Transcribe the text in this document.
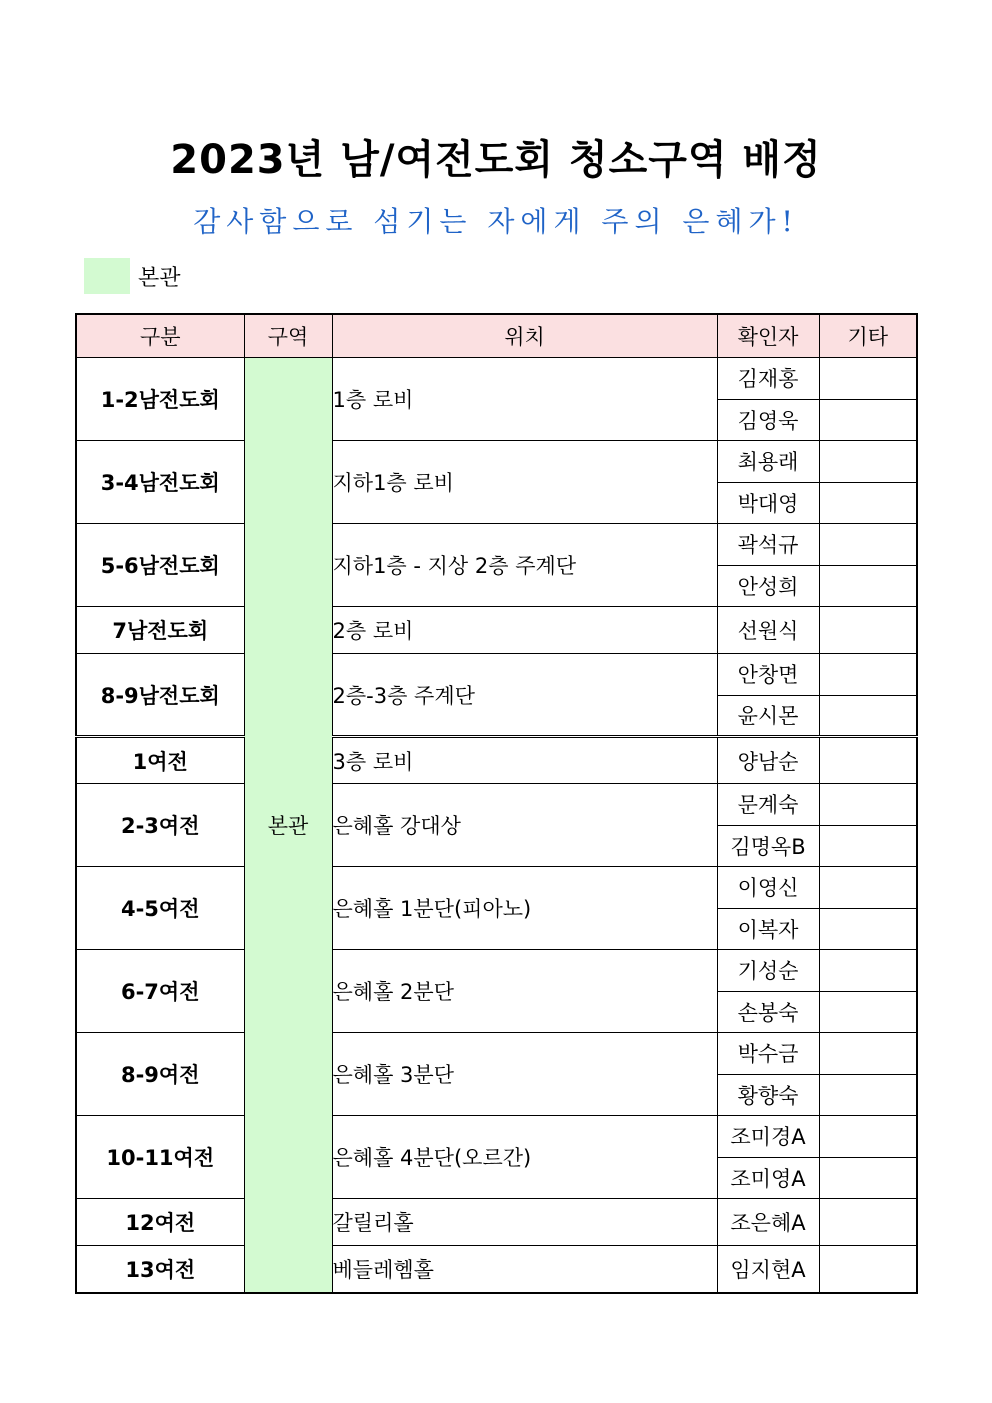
2023년 남/여전도회 청소구역 배정
감사함으로 섬기는 자에게 주의 은혜가!
본관
구분	구역	위치	확인자	기타
1-2남전도회	본관	1층 로비	김재홍	
			김영욱	
3-4남전도회		지하1층 로비	최용래	
			박대영	
5-6남전도회		지하1층 - 지상 2층 주계단	곽석규	
			안성희	
7남전도회		2층 로비	선원식	
8-9남전도회		2층-3층 주계단	안창면	
			윤시몬	
1여전		3층 로비	양남순	
2-3여전		은혜홀 강대상	문계숙	
			김명옥B	
4-5여전		은혜홀 1분단(피아노)	이영신	
			이복자	
6-7여전		은혜홀 2분단	기성순	
			손봉숙	
8-9여전		은혜홀 3분단	박수금	
			황향숙	
10-11여전		은혜홀 4분단(오르간)	조미경A	
			조미영A	
12여전		갈릴리홀	조은혜A	
13여전		베들레헴홀	임지현A	
